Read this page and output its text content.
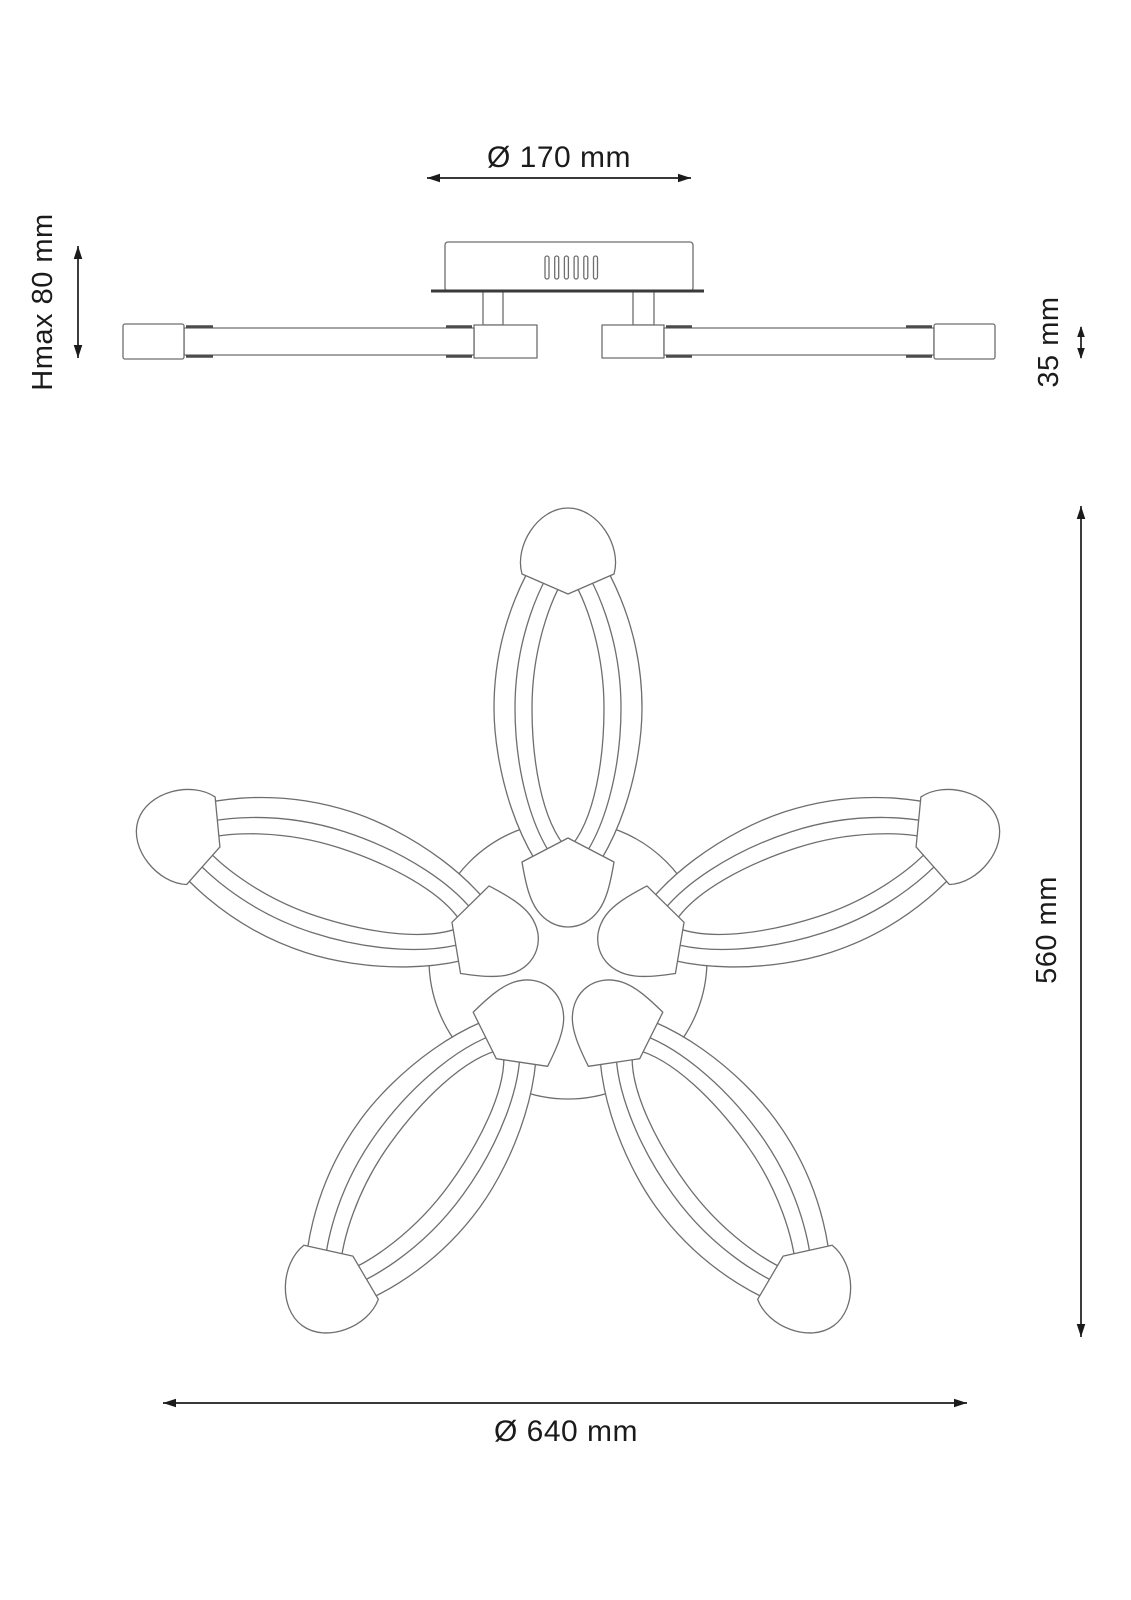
Ø 170 mm
Hmax 80 mm	35 mm
560 mm
Ø 640 mm
